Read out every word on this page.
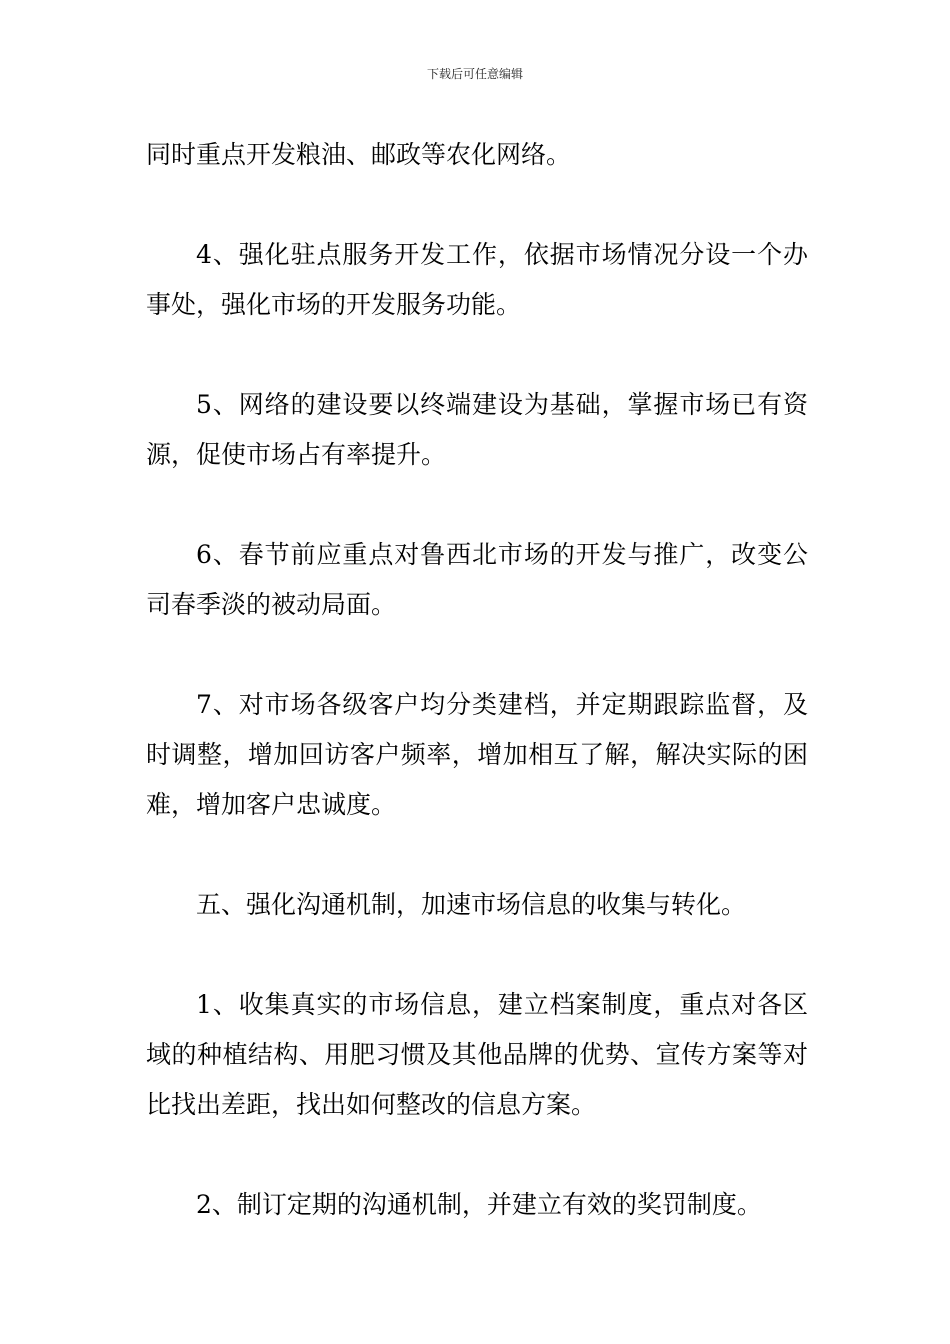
下载后可任意编辑

同时重点开发粮油、邮政等农化网络。

4、强化驻点服务开发工作，依据市场情况分设一个办事处，强化市场的开发服务功能。

5、网络的建设要以终端建设为基础，掌握市场已有资源，促使市场占有率提升。

6、春节前应重点对鲁西北市场的开发与推广，改变公司春季淡的被动局面。

7、对市场各级客户均分类建档，并定期跟踪监督，及时调整，增加回访客户频率，增加相互了解，解决实际的困难，增加客户忠诚度。

五、强化沟通机制，加速市场信息的收集与转化。

1、收集真实的市场信息，建立档案制度，重点对各区域的种植结构、用肥习惯及其他品牌的优势、宣传方案等对比找出差距，找出如何整改的信息方案。

2、制订定期的沟通机制，并建立有效的奖罚制度。
